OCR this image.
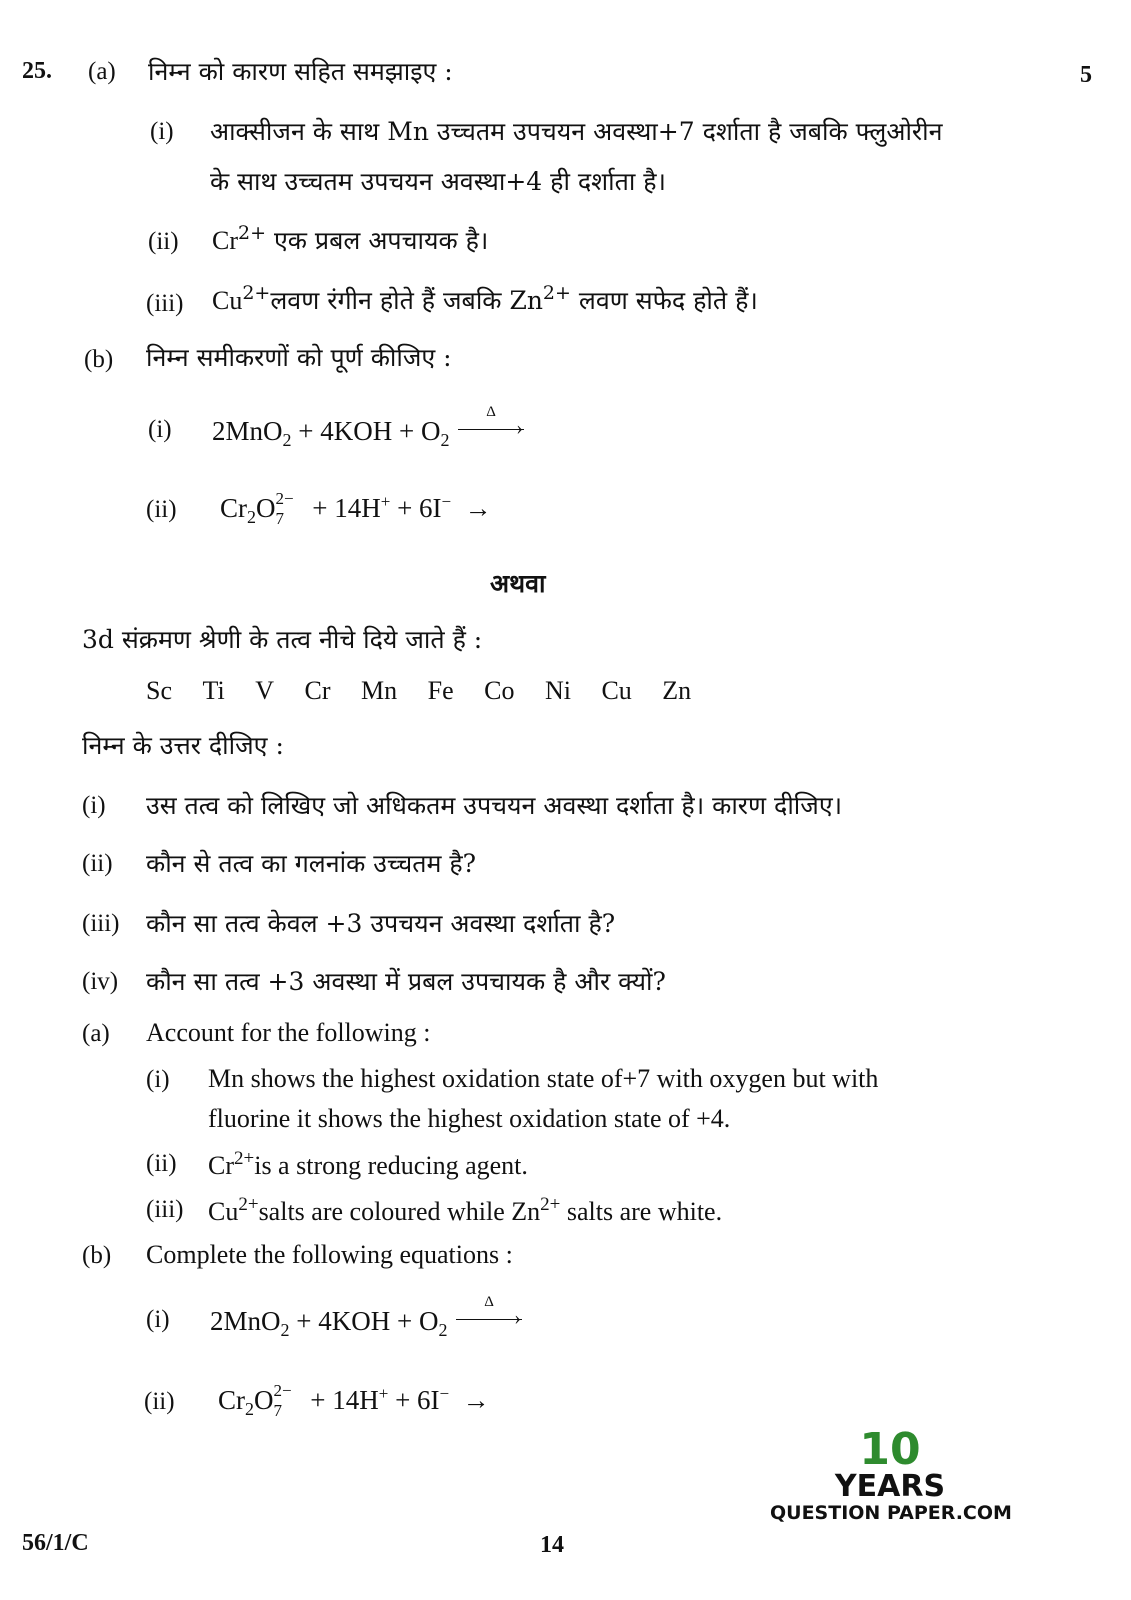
25. (a) निम्न को कारण सहित समझाइए :	5
(i) आक्सीजन के साथ Mn उच्चतम उपचयन अवस्था+7 दर्शाता है जबकि फ्लुओरीन
के साथ उच्चतम उपचयन अवस्था+4 ही दर्शाता है।
(ii) $Cr^{2+}$ एक प्रबल अपचायक है।
(iii) $Cu^{2+}लवण$ रंगीन होते हैं जबकि $Zn^{2+}$ लवण सफेद होते हैं।
(b) निम्न समीकरणों को पूर्ण कीजिए :
(i) $2MnO_2 + 4KOH + O_2$
Δ
›
(ii) $Cr_2O$ 2−
7 + 14H+ + 6I− →
अथवा
3d संक्रमण श्रेणी के तत्व नीचे दिये जाते हैं :
Sc Ti V Cr Mn Fe Co Ni Cu Zn
निम्न के उत्तर दीजिए :
(i) उस तत्व को लिखिए जो अधिकतम उपचयन अवस्था दर्शाता है। कारण दीजिए।
(ii) कौन से तत्व का गलनांक उच्चतम है?
(iii) कौन सा तत्व केवल +3 उपचयन अवस्था दर्शाता है?
(iv) कौन सा तत्व +3 अवस्था में प्रबल उपचायक है और क्यों?
(a) Account for the following :
(i) Mn shows the highest oxidation state of+7 with oxygen but with
fluorine it shows the highest oxidation state of +4.
(ii) $Cr^{2+}is$ a strong reducing agent.
(iii) $Cu^{2+}salts$ are coloured while $Zn^{2+}$ salts are white.
(b) Complete the following equations :
(i) $2MnO_2 + 4KOH + O_2$
Δ
›
(ii) $Cr_2O$ 2−
7 + 14H+ + 6I− →
56/1/C	14
10
YEARS
QUESTION PAPER.COM
